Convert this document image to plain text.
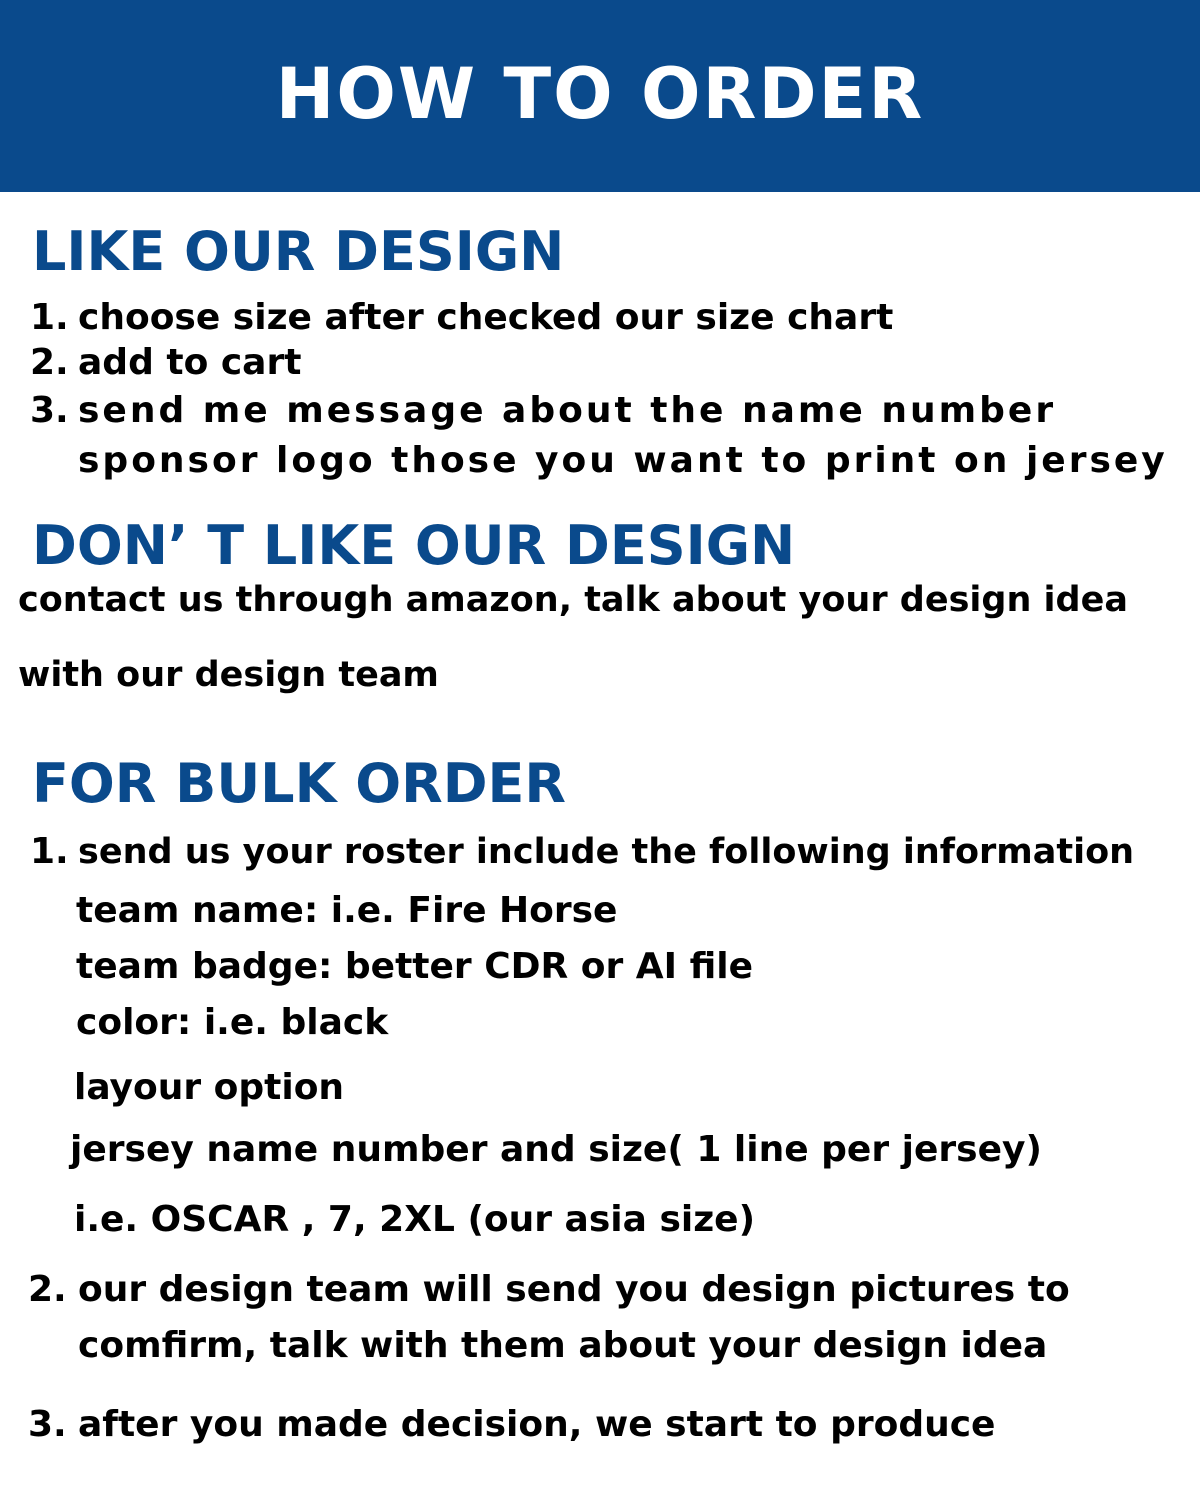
HOW TO ORDER
LIKE OUR DESIGN
1. choose size after checked our size chart
2. add to cart
3. send me message about the name number
sponsor logo those you want to print on jersey
DON’ T LIKE OUR DESIGN
contact us through amazon, talk about your design idea
with our design team
FOR BULK ORDER
1. send us your roster include the following information
team name: i.e. Fire Horse
team badge: better CDR or AI file
color: i.e. black
layour option
jersey name number and size( 1 line per jersey)
i.e. OSCAR , 7, 2XL (our asia size)
2. our design team will send you design pictures to
comfirm, talk with them about your design idea
3. after you made decision, we start to produce
